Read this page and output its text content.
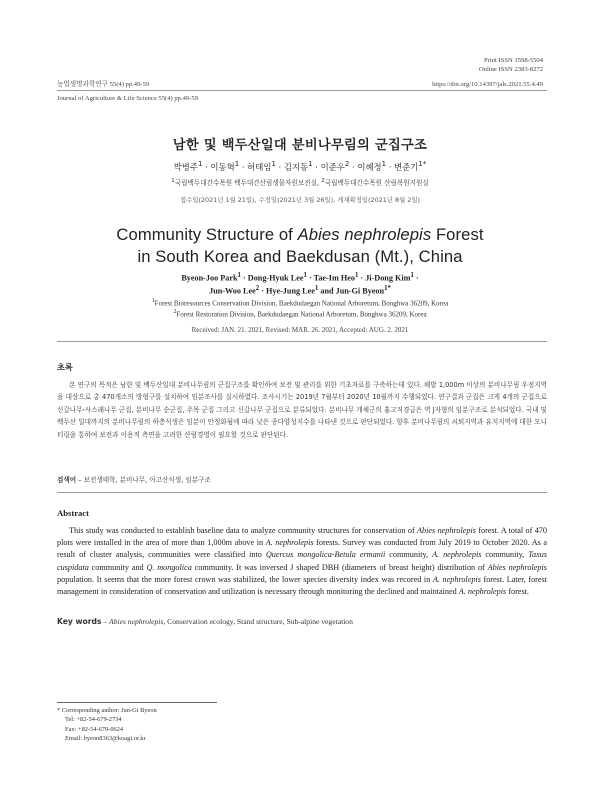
Print ISSN 1598-5504
Online ISSN 2383-8272
농업생명과학연구 55(4) pp.49-59	https://doi.org/10.14397/jals.2021.55.4.49
Journal of Agriculture & Life Science 55(4) pp.49-59
남한 및 백두산일대 분비나무림의 군집구조
박병주$^1$ · 이동혁$^1$ · 허태임$^1$ · 김지동$^1$ · 이준우$^2$ · 이혜정$^1$ · 변준기$^{1*}$
$^1$국립백두대간수목원 백두대간산림생물자원보전실, $^2$국립백두대간수목원 산림복원지원실
접수일(2021년 1월 21일), 수정일(2021년 3월 26일), 게재확정일(2021년 8월 2일)
Community Structure of Abies nephrolepis Forest
in South Korea and Baekdusan (Mt.), China
Byeon-Joo Park$^1$ · Dong-Hyuk Lee$^1$ · Tae-Im Heo$^1$ · Ji-Dong Kim$^1$ ·
Jun-Woo Lee$^2$ · Hye-Jung Lee$^1$ and Jun-Gi Byeon$^{1*}$
$^1$Forest Bioresources Conservation Division, Baekdudaegan National Arboretum, Bonghwa 36209, Korea
$^2$Forest Restoration Division, Baekdudaegan National Arboretum, Bonghwa 36209, Korea
Received: JAN. 21. 2021, Revised: MAR. 26. 2021, Accepted: AUG. 2. 2021
초록
본 연구의 목적은 남한 및 백두산일대 분비나무림의 군집구조를 확인하여 보전 및 관리를 위한 기초자료를 구축하는데 있다. 해발 1,000m 이상의 분비나무림 우점지역을 대상으로 총 470개소의 방형구를 설치하여 임분조사를 실시하였다. 조사시기는 2019년 7월부터 2020년 10월까지 수행되었다. 연구결과 군집은 크게 4개의 군집으로 신갈나무-사스래나무 군집, 분비나무 순군집, 주목 군집 그리고 신갈나무 군집으로 분류되었다. 분비나무 개체군의 흉고직경급은 역 J자형의 임분구조로 분석되었다. 국내 및 백두산 일대까지의 분비나무림의 하층식생은 임분이 안정화됨에 따라 낮은 종다양성지수를 나타낸 것으로 판단되었다. 향후 분비나무림의 쇠퇴지역과 유지지역에 대한 모니터링을 통하여 보전과 이용적 측면을 고려한 산림경영이 필요할 것으로 판단된다.
검색어 – 보전생태학, 분비나무, 아고산식생, 임분구조
Abstract
This study was conducted to establish baseline data to analyze community structures for conservation of Abies nephrolepis forest. A total of 470 plots were installed in the area of more than 1,000m above in A. nephrolepis forests. Survey was conducted from July 2019 to October 2020. As a result of cluster analysis, communities were classified into Quercus mongolica-Betula ermanii community, A. nephrolepis community, Taxus cuspidata community and Q. mongolica community. It was inversed J shaped DBH (diameters of breast height) distribution of Abies nephrolepis population. It seems that the more forest crown was stabilized, the lower species diversity index was recored in A. nephrolepis forest. Later, forest management in consideration of conservation and utilization is necessary through monitoring the declined and maintained A. nephrolepis forest.
Key words – Abies nephrolepis, Conservation ecology, Stand structure, Sub-alpine vegetation
* Corresponding author: Jun-Gi Byeon
Tel: +82-54-679-2734
Fax: +82-54-679-0624
Email: byeon8363@koagi.or.kr
